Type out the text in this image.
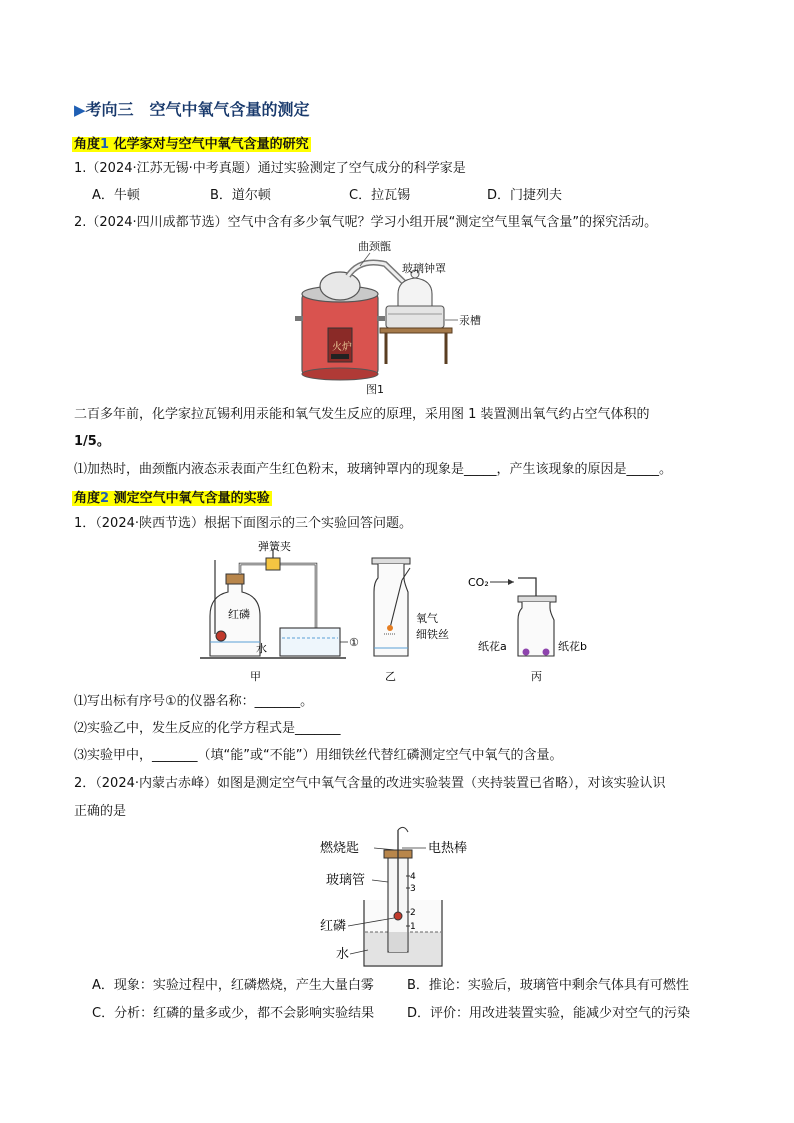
▶考向三　空气中氧气含量的测定
角度1 化学家对与空气中氧气含量的研究
1.（2024·江苏无锡·中考真题）通过实验测定了空气成分的科学家是
A．牛顿	B．道尔顿	C．拉瓦锡	D．门捷列夫
2.（2024·四川成都节选）空气中含有多少氧气呢？学习小组开展“测定空气里氧气含量”的探究活动。
火炉
曲颈甑
玻璃钟罩
汞槽
图1
二百多年前，化学家拉瓦锡利用汞能和氧气发生反应的原理，采用图 1 装置测出氧气约占空气体积的
1/5。
⑴加热时，曲颈甑内液态汞表面产生红色粉末，玻璃钟罩内的现象是_____，产生该现象的原因是_____。
角度2 测定空气中氧气含量的实验
1．（2024·陕西节选）根据下面图示的三个实验回答问题。
弹簧夹
红磷
水	①
甲
氧气
细铁丝
乙
CO₂
纸花a	纸花b
丙
⑴写出标有序号①的仪器名称：_______。
⑵实验乙中，发生反应的化学方程式是_______
⑶实验甲中，_______（填“能”或“不能”）用细铁丝代替红磷测定空气中氧气的含量。
2．（2024·内蒙古赤峰）如图是测定空气中氧气含量的改进实验装置（夹持装置已省略），对该实验认识
正确的是
4
3
2
1
燃烧匙	电热棒
玻璃管
红磷
水
A．现象：实验过程中，红磷燃烧，产生大量白雾	B．推论：实验后，玻璃管中剩余气体具有可燃性
C．分析：红磷的量多或少，都不会影响实验结果	D．评价：用改进装置实验，能减少对空气的污染
